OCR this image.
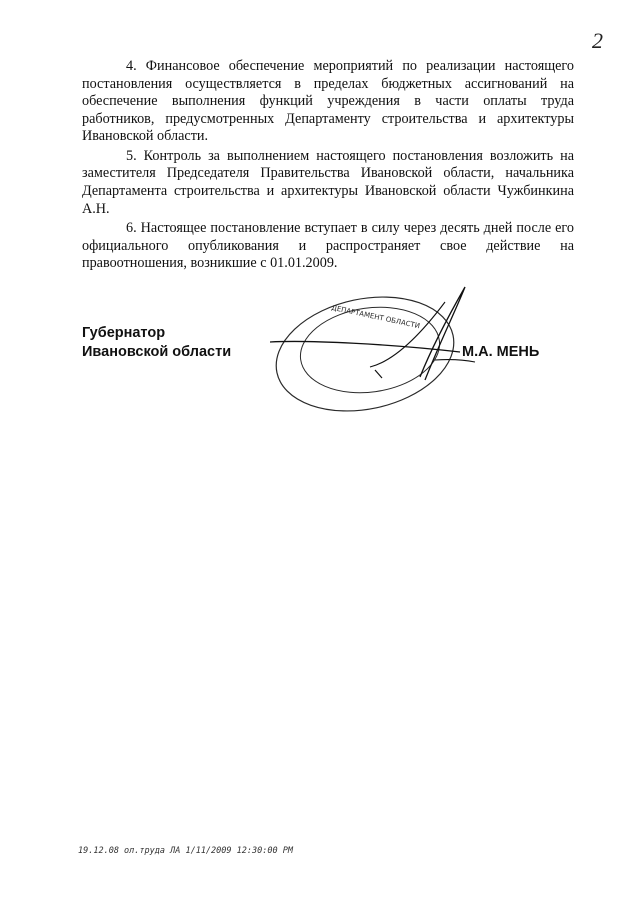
2

4. Финансовое обеспечение мероприятий по реализации настоящего постановления осуществляется в пределах бюджетных ассигнований на обеспечение выполнения функций учреждения в части оплаты труда работников, предусмотренных Департаменту строительства и архитектуры Ивановской области.

5. Контроль за выполнением настоящего постановления возложить на заместителя Председателя Правительства Ивановской области, начальника Департамента строительства и архитектуры Ивановской области Чужбинкина А.Н.

6. Настоящее постановление вступает в силу через десять дней после его официального опубликования и распространяет свое действие на правоотношения, возникшие с 01.01.2009.

Губернатор
Ивановской области	М.А. МЕНЬ
ДЕПАРТАМЕНТ ОБЛАСТИ
19.12.08 ол.труда ЛА 1/11/2009 12:30:00 PM
